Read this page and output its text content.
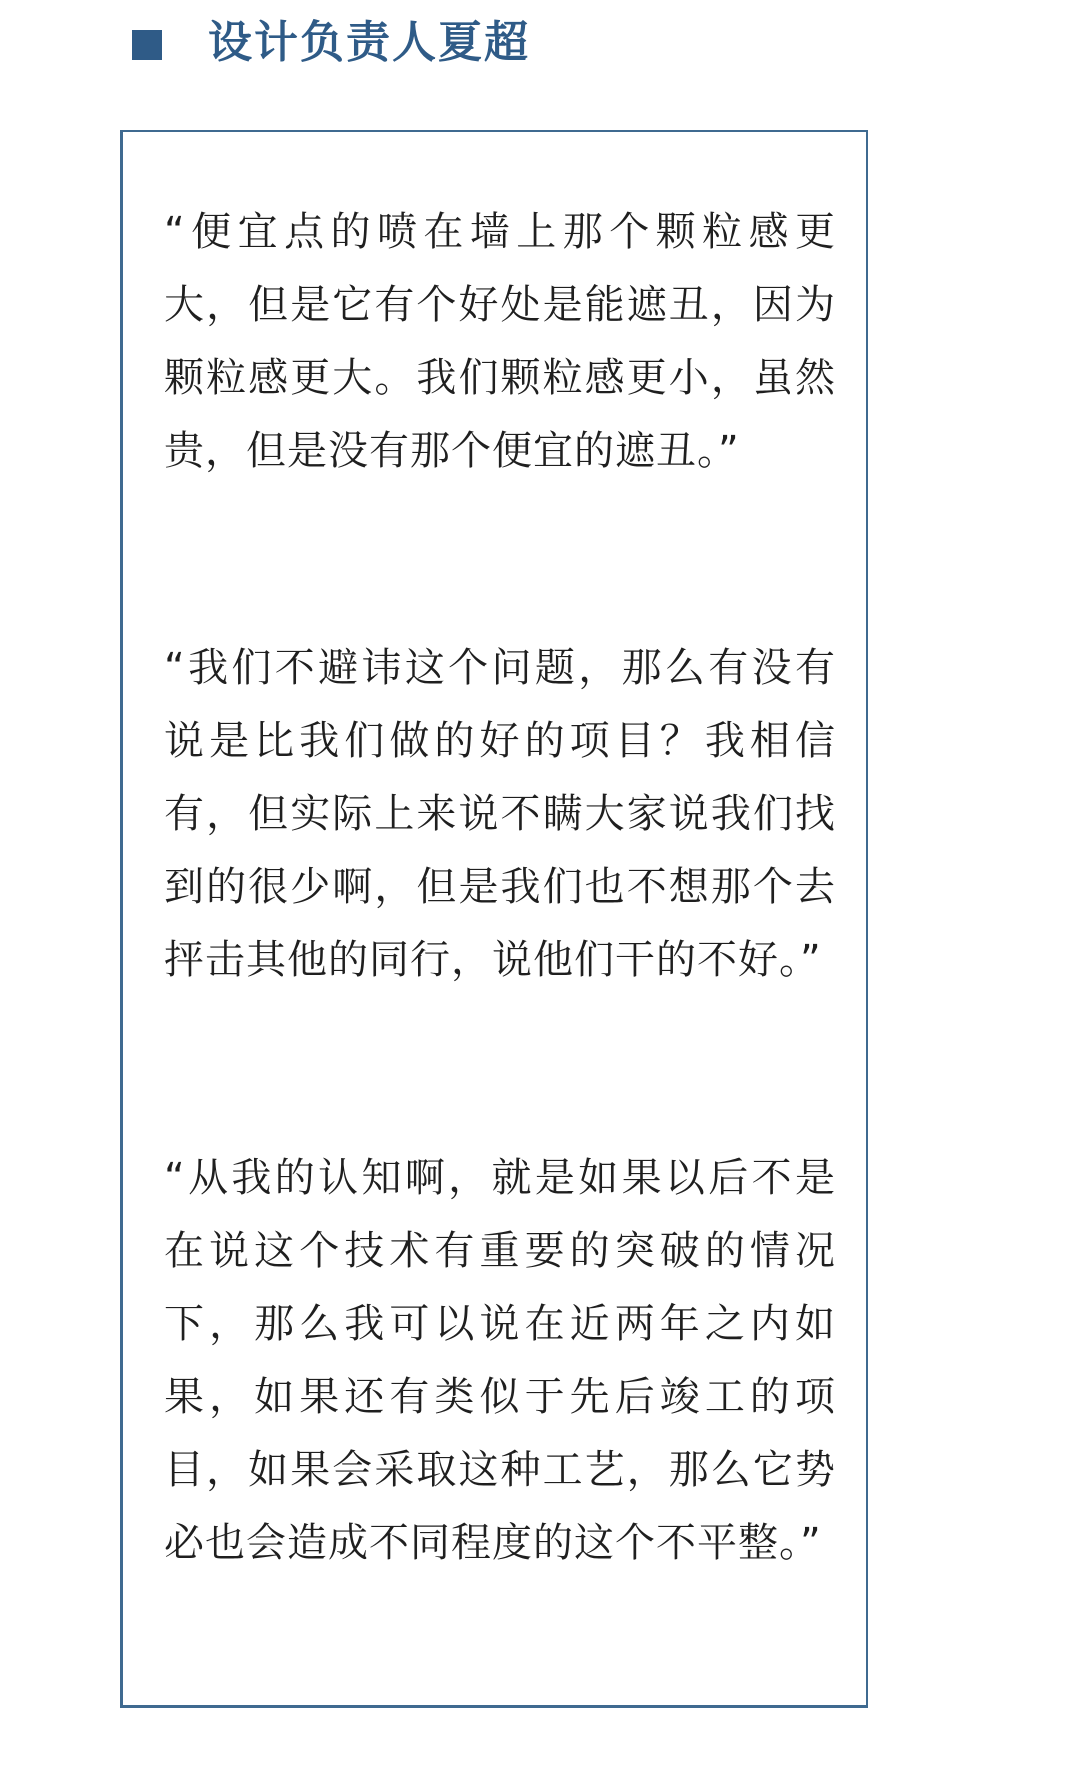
设计负责人夏超

“便宜点的喷在墙上那个颗粒感更大，但是它有个好处是能遮丑，因为颗粒感更大。我们颗粒感更小，虽然贵，但是没有那个便宜的遮丑。”

“我们不避讳这个问题，那么有没有说是比我们做的好的项目？我相信有，但实际上来说不瞒大家说我们找到的很少啊，但是我们也不想那个去抨击其他的同行，说他们干的不好。”

“从我的认知啊，就是如果以后不是在说这个技术有重要的突破的情况下，那么我可以说在近两年之内如果，如果还有类似于先后竣工的项目，如果会采取这种工艺，那么它势必也会造成不同程度的这个不平整。”
